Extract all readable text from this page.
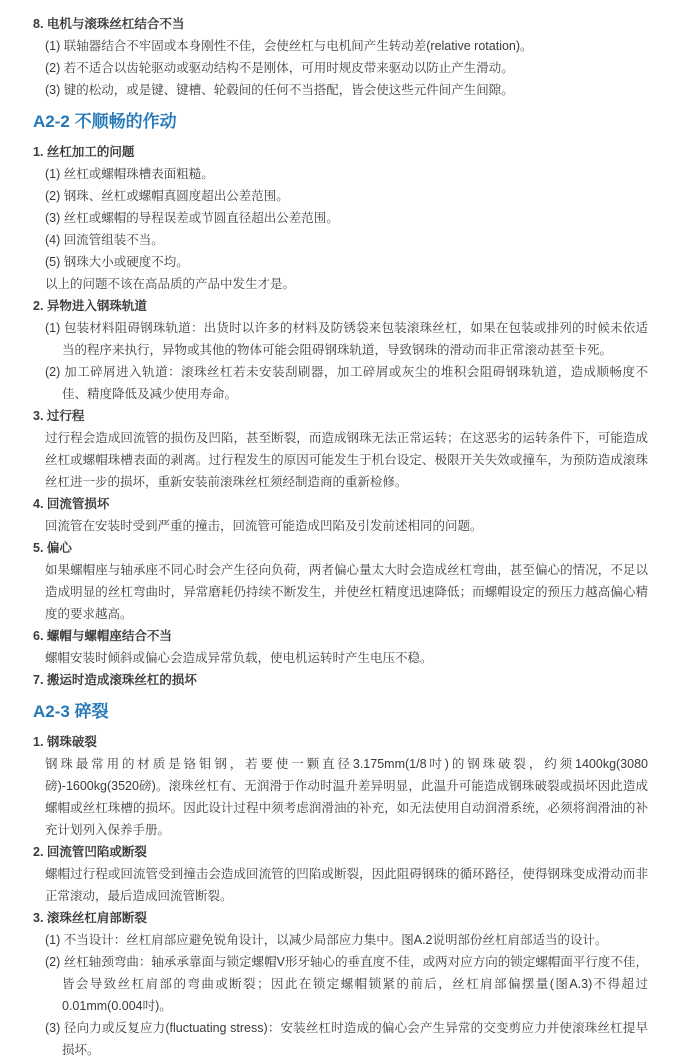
8. 电机与滚珠丝杠结合不当
(1) 联轴器结合不牢固或本身刚性不佳，会使丝杠与电机间产生转动差(relative rotation)。
(2) 若不适合以齿轮驱动或驱动结构不是刚体，可用时规皮带来驱动以防止产生滑动。
(3) 键的松动，或是键、键槽、轮毂间的任何不当搭配，皆会使这些元件间产生间隙。
A2-2 不顺畅的作动
1. 丝杠加工的问题
(1) 丝杠或螺帽珠槽表面粗糙。
(2) 钢珠、丝杠或螺帽真圆度超出公差范围。
(3) 丝杠或螺帽的导程误差或节圆直径超出公差范围。
(4) 回流管组装不当。
(5) 钢珠大小或硬度不均。
以上的问题不该在高品质的产品中发生才是。
2. 异物进入钢珠轨道
(1) 包装材料阻碍钢珠轨道：出货时以许多的材料及防锈袋来包装滚珠丝杠，如果在包装或排列的时候未依适当的程序来执行，异物或其他的物体可能会阻碍钢珠轨道，导致钢珠的滑动而非正常滚动甚至卡死。
(2) 加工碎屑进入轨道：滚珠丝杠若未安装刮刷器，加工碎屑或灰尘的堆积会阻碍钢珠轨道，造成顺畅度不佳、精度降低及减少使用寿命。
3. 过行程
过行程会造成回流管的损伤及凹陷，甚至断裂，而造成钢珠无法正常运转；在这恶劣的运转条件下，可能造成丝杠或螺帽珠槽表面的剥离。过行程发生的原因可能发生于机台设定、极限开关失效或撞车，为预防造成滚珠丝杠进一步的损坏，重新安装前滚珠丝杠须经制造商的重新检修。
4. 回流管损坏
回流管在安装时受到严重的撞击，回流管可能造成凹陷及引发前述相同的问题。
5. 偏心
如果螺帽座与轴承座不同心时会产生径向负荷，两者偏心量太大时会造成丝杠弯曲，甚至偏心的情况，不足以造成明显的丝杠弯曲时，异常磨耗仍持续不断发生，并使丝杠精度迅速降低；而螺帽设定的预压力越高偏心精度的要求越高。
6. 螺帽与螺帽座结合不当
螺帽安装时倾斜或偏心会造成异常负载，使电机运转时产生电压不稳。
7. 搬运时造成滚珠丝杠的损坏
A2-3 碎裂
1. 钢珠破裂
钢珠最常用的材质是铬钼钢，若要使一颗直径3.175mm(1/8吋)的钢珠破裂，约须1400kg(3080磅)-1600kg(3520磅)。滚珠丝杠有、无润滑于作动时温升差异明显，此温升可能造成钢珠破裂或损坏因此造成螺帽或丝杠珠槽的损坏。因此设计过程中须考虑润滑油的补充，如无法使用自动润滑系统，必须将润滑油的补充计划列入保养手册。
2. 回流管凹陷或断裂
螺帽过行程或回流管受到撞击会造成回流管的凹陷或断裂，因此阻碍钢珠的循环路径，使得钢珠变成滑动而非正常滚动，最后造成回流管断裂。
3. 滚珠丝杠肩部断裂
(1) 不当设计：丝杠肩部应避免锐角设计，以减少局部应力集中。图A.2说明部份丝杠肩部适当的设计。
(2) 丝杠轴颈弯曲：轴承承靠面与锁定螺帽V形牙轴心的垂直度不佳，或两对应方向的锁定螺帽面平行度不佳，皆会导致丝杠肩部的弯曲或断裂；因此在锁定螺帽锁紧的前后，丝杠肩部偏摆量(图A.3)不得超过0.01mm(0.004吋)。
(3) 径向力或反复应力(fluctuating stress)：安装丝杠时造成的偏心会产生异常的交变剪应力并使滚珠丝杠提早损坏。
